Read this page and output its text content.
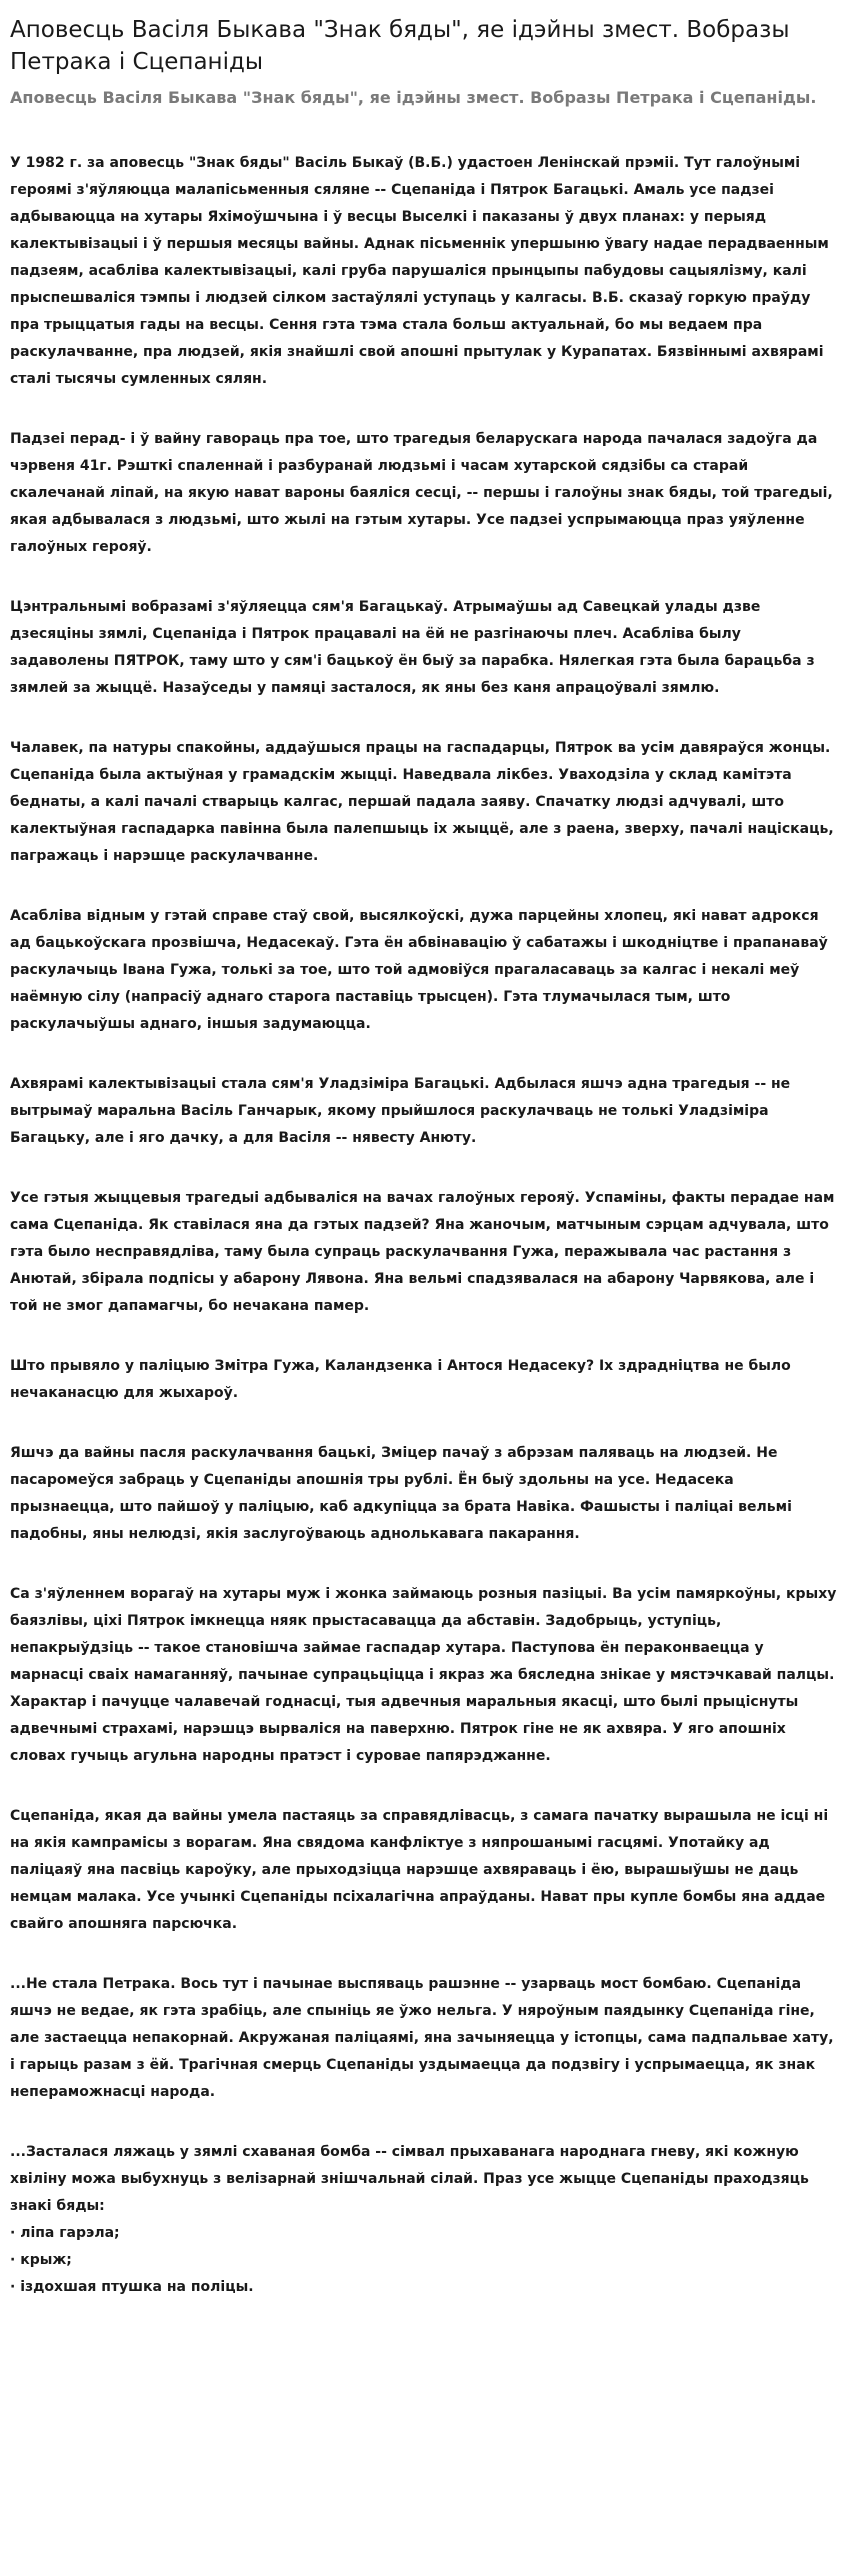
Аповесць Васіля Быкава "Знак бяды", яе ідэйны змест. Вобразы Петрака і Сцепаніды
Аповесць Васіля Быкава "Знак бяды", яе ідэйны змест. Вобразы Петрака і Сцепаніды.

У 1982 г. за аповесць "Знак бяды" Васіль Быкаў (В.Б.) удастоен Ленінскай прэміі. Тут галоўнымі героямі з'яўляюцца малапісьменныя сяляне -- Сцепаніда і Пятрок Багацькі. Амаль усе падзеі адбываюцца на хутары Яхімоўшчына і ў весцы Выселкі і паказаны ў двух планах: у перыяд калектывізацыі і ў першыя месяцы вайны. Аднак пісьменнік упершыню ўвагу надае перадваенным падзеям, асабліва калектывізацыі, калі груба парушаліся прынцыпы пабудовы сацыялізму, калі прыспешваліся тэмпы і людзей сілком застаўлялі уступаць у калгасы. В.Б. сказаў горкую праўду пра трыццатыя гады на весцы. Сення гэта тэма стала больш актуальнай, бо мы ведаем пра раскулачванне, пра людзей, якія знайшлі свой апошні прытулак у Курапатах. Бязвіннымі ахвярамі сталі тысячы сумленных сялян.

Падзеі перад- і ў вайну гавораць пра тое, што трагедыя беларускага народа пачалася задоўга да чэрвеня 41г. Рэшткі спаленнай і разбуранай людзьмі і часам хутарской сядзібы са старай скалечанай ліпай, на якую нават вароны баяліся сесці, -- першы і галоўны знак бяды, той трагедыі, якая адбывалася з людзьмі, што жылі на гэтым хутары. Усе падзеі успрымаюцца праз уяўленне галоўных герояў.

Цэнтральнымі вобразамі з'яўляецца сям'я Багацькаў. Атрымаўшы ад Савецкай улады дзве дзесяціны зямлі, Сцепаніда і Пятрок працавалі на ёй не разгінаючы плеч. Асабліва былу задаволены ПЯТРОК, таму што у сям'і бацькоў ён быў за парабка. Нялегкая гэта была барацьба з зямлей за жыццё. Назаўседы у памяці засталося, як яны без каня апрацоўвалі зямлю.

Чалавек, па натуры спакойны, аддаўшыся працы на гаспадарцы, Пятрок ва усім давяраўся жонцы. Сцепаніда была актыўная у грамадскім жыцці. Наведвала лікбез. Уваходзіла у склад камітэта беднаты, а калі пачалі стварыць калгас, першай падала заяву. Спачатку людзі адчувалі, што калектыўная гаспадарка павінна была палепшыць іх жыццё, але з раена, зверху, пачалі націскаць, пагражаць і нарэшце раскулачванне.

Асабліва відным у гэтай справе стаў свой, высялкоўскі, дужа парцейны хлопец, які нават адрокся ад бацькоўскага прозвішча, Недасекаў. Гэта ён абвінавацію ў сабатажы і шкодніцтве і прапанаваў раскулачыць Івана Гужа, толькі за тое, што той адмовіўся прагаласаваць за калгас і некалі меў наёмную сілу (напрасіў аднаго старога паставіць трысцен). Гэта тлумачылася тым, што раскулачыўшы аднаго, іншыя задумаюцца.

Ахвярамі калектывізацыі стала сям'я Уладзіміра Багацькі. Адбылася яшчэ адна трагедыя -- не вытрымаў маральна Васіль Ганчарык, якому прыйшлося раскулачваць не толькі Уладзіміра Багацьку, але і яго дачку, а для Васіля -- нявесту Анюту.

Усе гэтыя жыццевыя трагедыі адбываліся на вачах галоўных герояў. Успаміны, факты перадае нам сама Сцепаніда. Як ставілася яна да гэтых падзей? Яна жаночым, матчыным сэрцам адчувала, што гэта было несправядліва, таму была супраць раскулачвання Гужа, перажывала час растання з Анютай, збірала подпісы у абарону Лявона. Яна вельмі спадзявалася на абарону Чарвякова, але і той не змог дапамагчы, бо нечакана памер.

Што прывяло у паліцыю Змітра Гужа, Каландзенка і Антося Недасеку? Іх здрадніцтва не было нечаканасцю для жыхароў.

Яшчэ да вайны пасля раскулачвання бацькі, Зміцер пачаў з абрэзам паляваць на людзей. Не пасаромеўся забраць у Сцепаніды апошнія тры рублі. Ён быў здольны на усе. Недасека прызнаецца, што пайшоў у паліцыю, каб адкупіцца за брата Навіка. Фашысты і паліцаі вельмі падобны, яны нелюдзі, якія заслугоўваюць аднолькавага пакарання.

Са з'яўленнем ворагаў на хутары муж і жонка займаюць розныя пазіцыі. Ва усім памяркоўны, крыху баязлівы, ціхі Пятрок імкнецца няяк прыстасавацца да абставін. Задобрыць, уступіць, непакрыўдзіць -- такое становішча займае гаспадар хутара. Паступова ён пераконваецца у марнасці сваіх намаганняў, пачынае супрацьціцца і якраз жа бяследна знікае у мястэчкавай палцы. Характар і пачуцце чалавечай годнасці, тыя адвечныя маральныя якасці, што былі прыціснуты адвечнымі страхамі, нарэшцэ вырваліся на паверхню. Пятрок гіне не як ахвяра. У яго апошніх словах гучыць агульна народны пратэст і суровае папярэджанне.

Сцепаніда, якая да вайны умела пастаяць за справядлівасць, з самага пачатку вырашыла не ісці ні на якія кампрамісы з ворагам. Яна свядома канфліктуе з няпрошанымі гасцямі. Употайку ад паліцаяў яна пасвіць кароўку, але прыходзіцца нарэшце ахвяраваць і ёю, вырашыўшы не даць немцам малака. Усе учынкі Сцепаніды псіхалагічна апраўданы. Нават пры купле бомбы яна аддае свайго апошняга парсючка.

...Не стала Петрака. Вось тут і пачынае выспяваць рашэнне -- узарваць мост бомбаю. Сцепаніда яшчэ не ведае, як гэта зрабіць, але спыніць яе ўжо нельга. У няроўным паядынку Сцепаніда гіне, але застаецца непакорнай. Акружаная паліцаямі, яна зачыняецца у істопцы, сама падпальвае хату, і гарыць разам з ёй. Трагічная смерць Сцепаніды уздымаецца да подзвігу і успрымаецца, як знак непераможнасці народа.

...Засталася ляжаць у зямлі схаваная бомба -- сімвал прыхаванага народнага гневу, які кожную хвіліну можа выбухнуць з велізарнай знішчальнай сілай. Праз усе жыцце Сцепаніды праходзяць знакі бяды:
· ліпа гарэла;
· крыж;
· іздохшая птушка на поліцы.
